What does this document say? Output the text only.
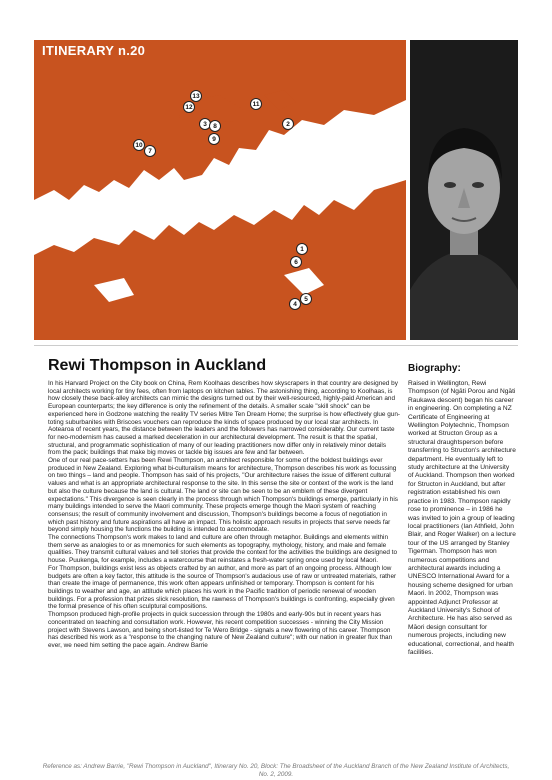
ITINERARY n.20
13
11
12
3 8	2
9
10
7
1
6
5
4
Rewi Thompson in Auckland	Biography:

In his Harvard Project on the City book on China, Rem Koolhaas describes how skyscrapers in that country are designed by local architects working for tiny fees, often from laptops on kitchen tables. The astonishing thing, according to Koolhaas, is how closely these back-alley architects can mimic the designs turned out by their well-resourced, highly-paid American and European counterparts; the key difference is only the refinement of the details. A smaller scale "skill shock" can be experienced here in Godzone watching the reality TV series Mitre Ten Dream Home; the surprise is how effectively glue gun-toting suburbanites with Briscoes vouchers can reproduce the kinds of space produced by our local star architects. In Aotearoa of recent years, the distance between the leaders and the followers has narrowed considerably. Our current taste for neo-modernism has caused a marked deceleration in our architectural development. The result is that the spatial, structural, and programmatic sophistication of many of our leading practitioners now differ only in relatively minor details from the pack; buildings that make big moves or tackle big issues are few and far between.

One of our real pace-setters has been Rewi Thompson, an architect responsible for some of the boldest buildings ever produced in New Zealand. Exploring what bi-culturalism means for architecture, Thompson describes his work as focussing on two things – land and people. Thompson has said of his projects, "Our architecture raises the issue of different cultural values and what is an appropriate architectural response to the site. In this sense the site or context of the work is the land but also the culture because the land is cultural. The land or site can be seen to be an emblem of these divergent expectations." This divergence is seen clearly in the process through which Thompson's buildings emerge, particularly in his many buildings intended to serve the Maori community. These projects emerge though the Maori system of reaching consensus; the result of community involvement and discussion, Thompson's buildings become a focus of negotiation in which past history and future aspirations all have an impact. This holistic approach results in projects that serve needs far beyond simply housing the functions the building is intended to accommodate.

The connections Thompson's work makes to land and culture are often through metaphor. Buildings and elements within them serve as analogies to or as mnemonics for such elements as topography, mythology, history, and male and female qualities. They transmit cultural values and tell stories that provide the context for the activities the buildings are designed to house. Puukenga, for example, includes a watercourse that reinstates a fresh-water spring once used by local Maori.

For Thompson, buildings exist less as objects crafted by an author, and more as part of an ongoing process. Although low budgets are often a key factor, this attitude is the source of Thompson's audacious use of raw or untreated materials, rather than create the image of permanence, this work often appears unfinished or temporary. Thompson is content for his buildings to weather and age, an attitude which places his work in the Pacific tradition of periodic renewal of wooden buildings. For a profession that prizes slick resolution, the rawness of Thompson's buildings is confronting, especially given the formal presence of his often sculptural compositions.

Thompson produced high-profile projects in quick succession through the 1980s and early-90s but in recent years has concentrated on teaching and consultation work. However, his recent competition successes - winning the City Mission project with Stevens Lawson, and being short-listed for Te Wero Bridge - signals a new flowering of his career. Thompson has described his work as a "response to the changing nature of New Zealand culture"; with our nation in greater flux than ever, we need him setting the pace again. Andrew Barrie

Raised in Wellington, Rewi Thompson (of Ngāti Porou and Ngāti Raukawa descent) began his career in engineering. On completing a NZ Certificate of Engineering at Wellington Polytechnic, Thompson worked at Structon Group as a structural draughtsperson before transferring to Structon's architecture department. He eventually left to study architecture at the University of Auckland. Thompson then worked for Structon in Auckland, but after registration established his own practice in 1983. Thompson rapidly rose to prominence – in 1986 he was invited to join a group of leading local practitioners (Ian Athfield, John Blair, and Roger Walker) on a lecture tour of the US arranged by Stanley Tigerman. Thompson has won numerous competitions and architectural awards including a UNESCO International Award for a housing scheme designed for urban Maori. In 2002, Thompson was appointed Adjunct Professor at Auckland University's School of Architecture. He has also served as Māori design consultant for numerous projects, including new educational, correctional, and health facilities.

Reference as: Andrew Barrie, "Rewi Thompson in Auckland", Itinerary No. 20, Block: The Broadsheet of the Auckland Branch of the New Zealand Institute of Architects, No. 2, 2009.
